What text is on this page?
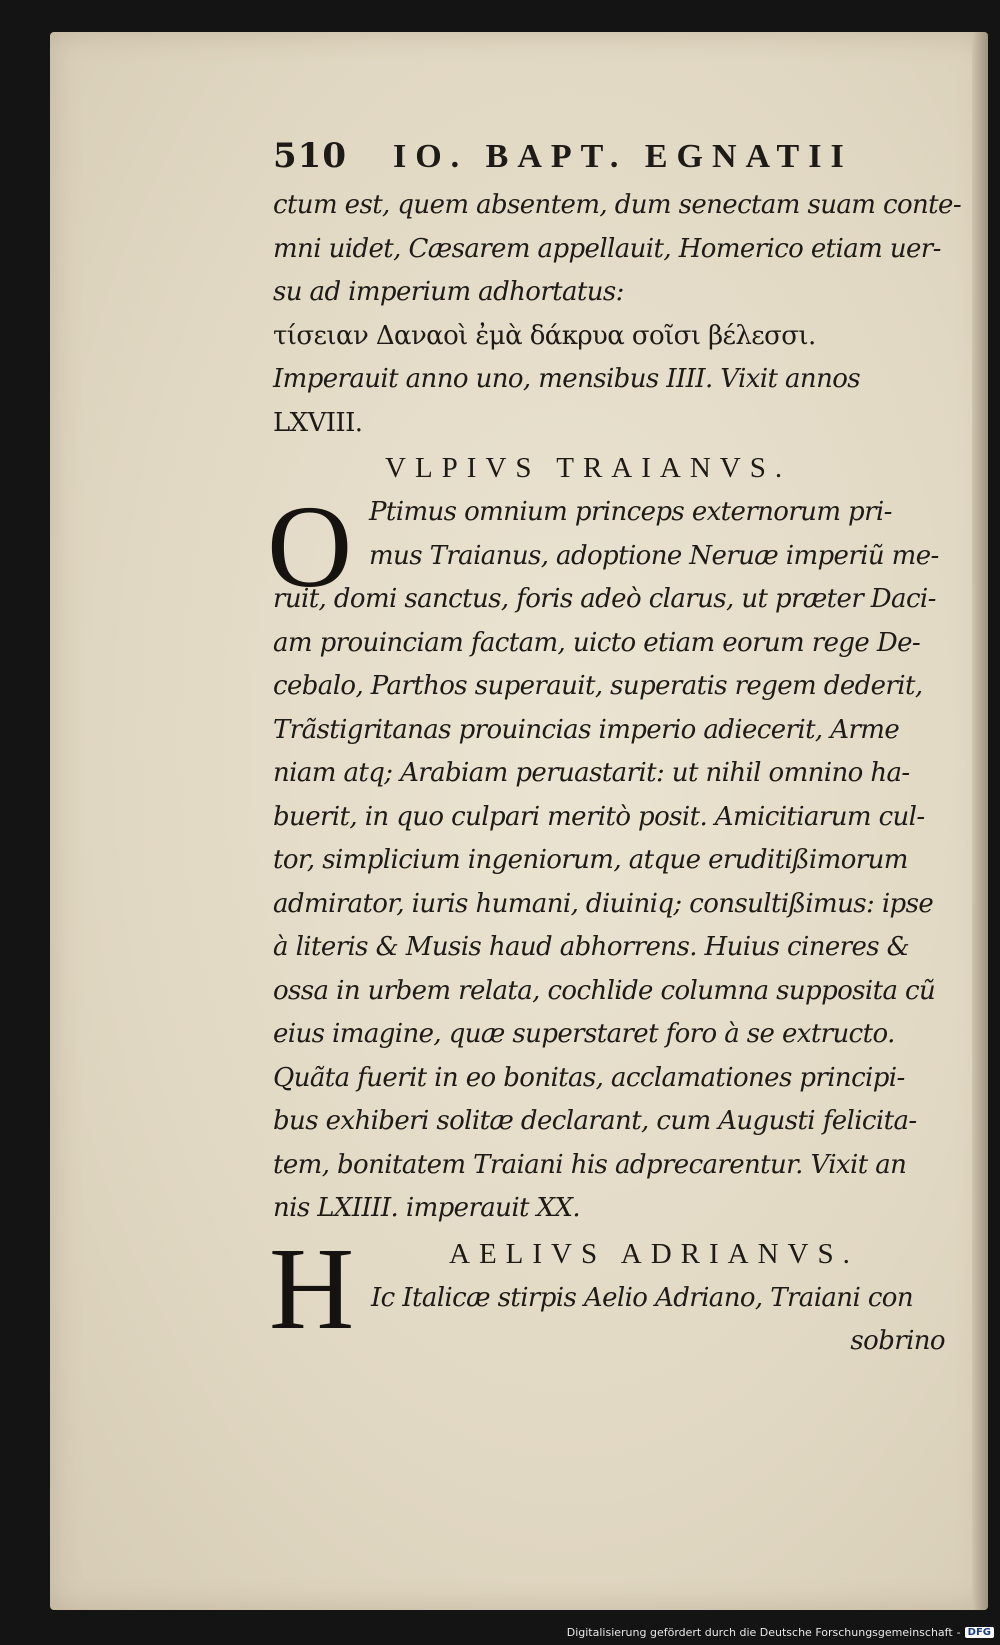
510	IO. BAPT. EGNATII
ctum est, quem absentem, dum senectam suam conte-
mni uidet, Cæsarem appellauit, Homerico etiam uer-
su ad imperium adhortatus:
τίσειαν Δαναοὶ ἐμὰ δάκρυα σοῖσι βέλεσσι.
Imperauit anno uno, mensibus IIII. Vixit annos
LXVIII.
VLPIVS TRAIANVS.
O Ptimus omnium princeps externorum pri-
mus Traianus, adoptione Neruæ imperiũ me-
ruit, domi sanctus, foris adeò clarus, ut præter Daci-
am prouinciam factam, uicto etiam eorum rege De-
cebalo, Parthos superauit, superatis regem dederit,
Trãstigritanas prouincias imperio adiecerit, Arme
niam atq; Arabiam peruastarit: ut nihil omnino ha-
buerit, in quo culpari meritò posit. Amicitiarum cul-
tor, simplicium ingeniorum, atque eruditißimorum
admirator, iuris humani, diuiniq; consultißimus: ipse
à literis & Musis haud abhorrens. Huius cineres &
ossa in urbem relata, cochlide columna supposita cũ
eius imagine, quæ superstaret foro à se extructo.
Quãta fuerit in eo bonitas, acclamationes principi-
bus exhiberi solitæ declarant, cum Augusti felicita-
tem, bonitatem Traiani his adprecarentur. Vixit an
nis LXIIII. imperauit XX.
H	AELIVS ADRIANVS.
Ic Italicæ stirpis Aelio Adriano, Traiani con
sobrino
Digitalisierung gefördert durch die Deutsche Forschungsgemeinschaft - DFG
